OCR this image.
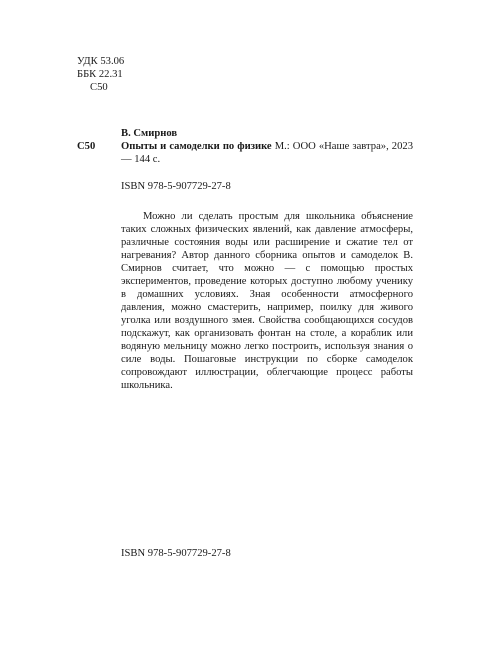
УДК 53.06
ББК 22.31
С50
В. Смирнов
С50	Опыты и самоделки по физике М.: ООО «Наше завтра», 2023 — 144 с.
ISBN 978-5-907729-27-8

Можно ли сделать простым для школьника объяснение таких сложных физических явлений, как давление атмосферы, различные состояния воды или расширение и сжатие тел от нагревания? Автор данного сборника опытов и самоделок В. Смирнов считает, что можно — с помощью простых экспериментов, проведение которых доступно любому ученику в домашних условиях. Зная особенности атмосферного давления, можно смастерить, например, поилку для живого уголка или воздушного змея. Свойства сообщающихся сосудов подскажут, как организовать фонтан на столе, а кораблик или водяную мельницу можно легко построить, используя знания о силе воды. Пошаговые инструкции по сборке самоделок сопровождают иллюстрации, облегчающие процесс работы школьника.

ISBN 978-5-907729-27-8
